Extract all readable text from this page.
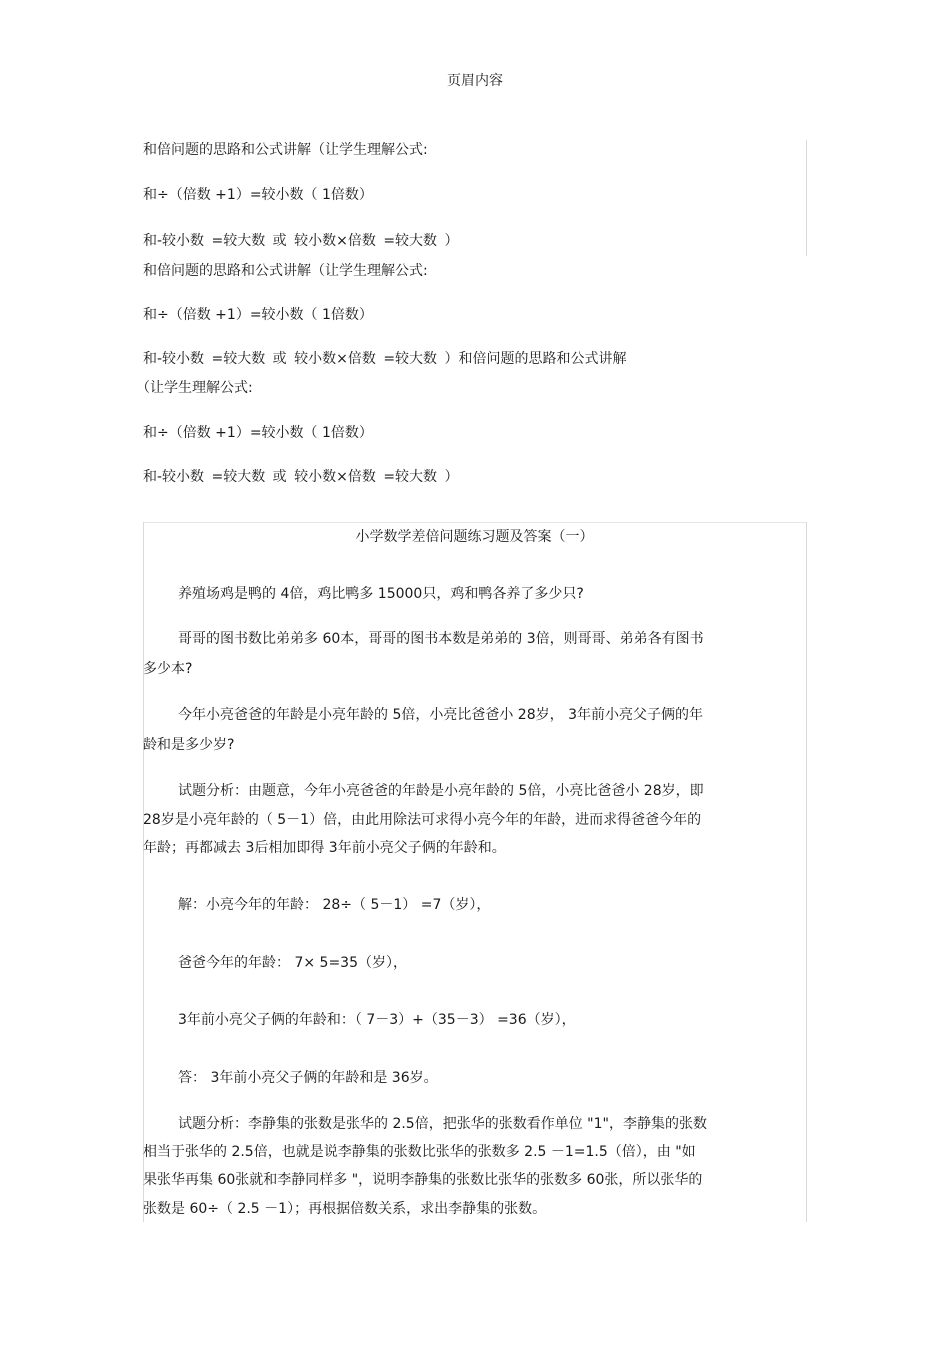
页眉内容
和倍问题的思路和公式讲解（让学生理解公式:
和÷（倍数 +1）=较小数（ 1倍数）
和-较小数 =较大数 或 较小数×倍数 =较大数 ）
和倍问题的思路和公式讲解（让学生理解公式:
和÷（倍数 +1）=较小数（ 1倍数）
和-较小数 =较大数 或 较小数×倍数 =较大数 ）和倍问题的思路和公式讲解
（让学生理解公式:
和÷（倍数 +1）=较小数（ 1倍数）
和-较小数 =较大数 或 较小数×倍数 =较大数 ）
小学数学差倍问题练习题及答案（一）
养殖场鸡是鸭的 4倍，鸡比鸭多 15000只，鸡和鸭各养了多少只?
哥哥的图书数比弟弟多 60本，哥哥的图书本数是弟弟的 3倍，则哥哥、弟弟各有图书
多少本?
今年小亮爸爸的年龄是小亮年龄的 5倍，小亮比爸爸小 28岁， 3年前小亮父子俩的年
龄和是多少岁?
试题分析：由题意，今年小亮爸爸的年龄是小亮年龄的 5倍，小亮比爸爸小 28岁，即
28岁是小亮年龄的（ 5－1）倍，由此用除法可求得小亮今年的年龄，进而求得爸爸今年的
年龄；再都减去 3后相加即得 3年前小亮父子俩的年龄和。
解：小亮今年的年龄： 28÷（ 5－1） =7（岁），
爸爸今年的年龄： 7× 5=35（岁），
3年前小亮父子俩的年龄和：（ 7－3）+（35－3） =36（岁），
答： 3年前小亮父子俩的年龄和是 36岁。
试题分析：李静集的张数是张华的 2.5倍，把张华的张数看作单位 "1"，李静集的张数
相当于张华的 2.5倍，也就是说李静集的张数比张华的张数多 2.5 －1=1.5（倍），由 "如
果张华再集 60张就和李静同样多 "，说明李静集的张数比张华的张数多 60张，所以张华的
张数是 60÷（ 2.5 －1）；再根据倍数关系，求出李静集的张数。
